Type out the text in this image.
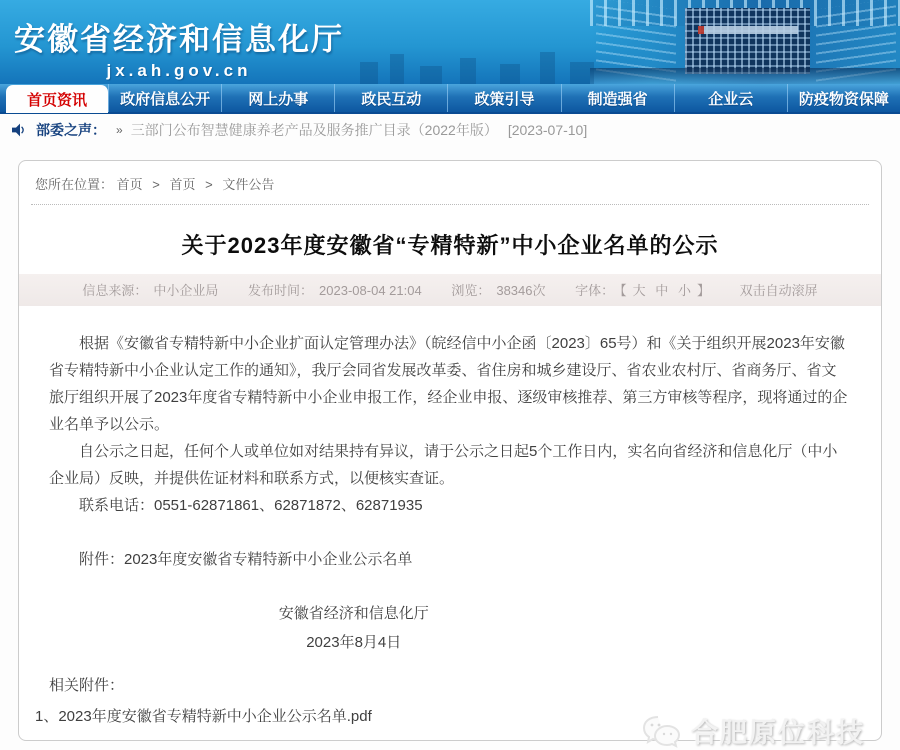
安徽省经济和信息化厅
jx.ah.gov.cn
首页资讯	政府信息公开	网上办事	政民互动	政策引导	制造强省	企业云	防疫物资保障
部委之声： » 三部门公布智慧健康养老产品及服务推广目录（2022年版） [2023-07-10]
您所在位置： 首页 > 首页 > 文件公告
关于2023年度安徽省“专精特新”中小企业名单的公示
信息来源： 中小企业局 发布时间： 2023-08-04 21:04 浏览： 38346次 字体： 【 大 中 小 】 双击自动滚屏
根据《安徽省专精特新中小企业扩面认定管理办法》（皖经信中小企函〔2023〕65号）和《关于组织开展2023年安徽省专精特新中小企业认定工作的通知》，我厅会同省发展改革委、省住房和城乡建设厅、省农业农村厅、省商务厅、省文旅厅组织开展了2023年度省专精特新中小企业申报工作，经企业申报、逐级审核推荐、第三方审核等程序，现将通过的企业名单予以公示。
自公示之日起，任何个人或单位如对结果持有异议，请于公示之日起5个工作日内，实名向省经济和信息化厅（中小企业局）反映，并提供佐证材料和联系方式，以便核实查证。
联系电话：0551-62871861、62871872、62871935
附件：2023年度安徽省专精特新中小企业公示名单
安徽省经济和信息化厅
2023年8月4日
相关附件：
1、2023年度安徽省专精特新中小企业公示名单.pdf
合肥原位科技
